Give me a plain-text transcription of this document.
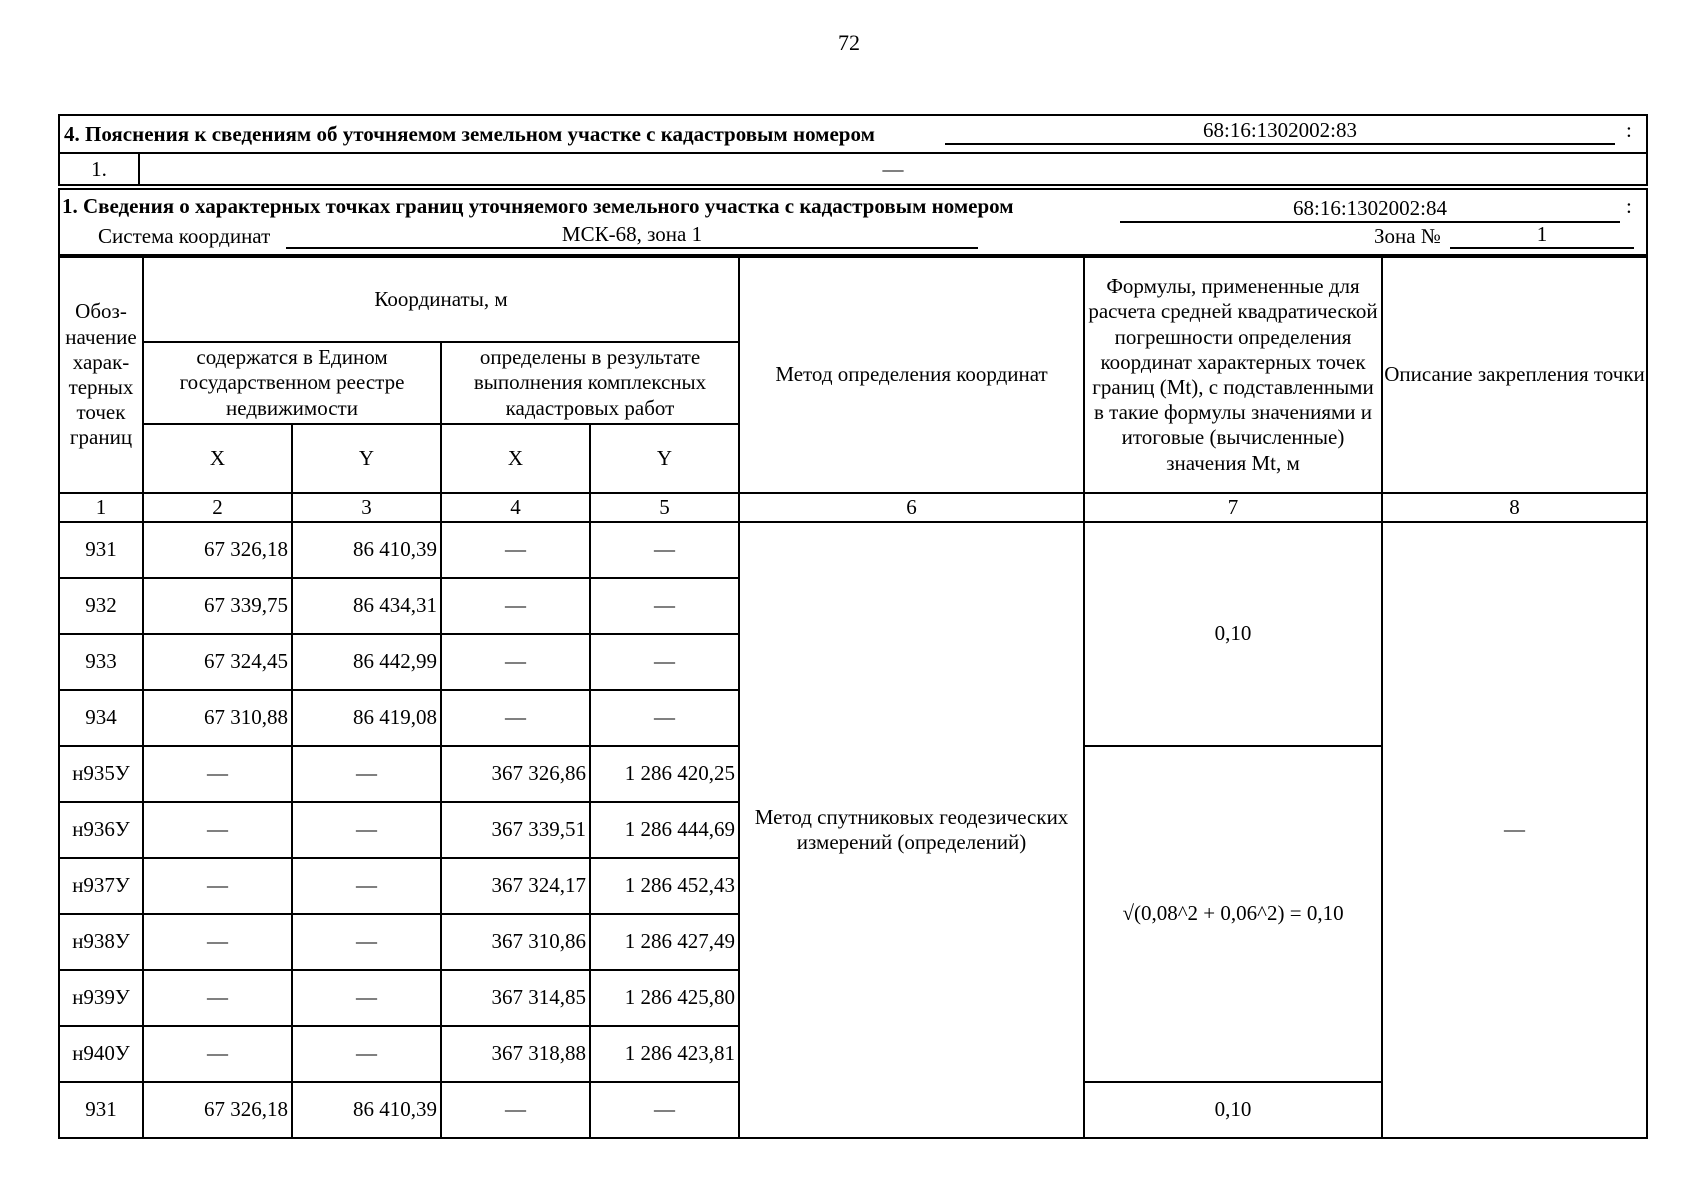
72
4. Пояснения к сведениям об уточняемом земельном участке с кадастровым номером	68:16:1302002:83	:

1.	—
1. Сведения о характерных точках границ уточняемого земельного участка с кадастровым номером	68:16:1302002:84	:
Система координат	МСК-68, зона 1	Зона №	1
Обоз-начение харак-терных точек границ	Координаты, м				Метод определения координат	Формулы, примененные для расчета средней квадратической погрешности определения координат характерных точек границ (Mt), с подставленными в такие формулы значениями и итоговые (вычисленные) значения Mt, м	Описание закрепления точки
	содержатся в Едином государственном реестре недвижимости		определены в результате выполнения комплексных кадастровых работ				
	X	Y	X	Y			
1	2	3	4	5	6	7	8
931	67 326,18	86 410,39	—	—	Метод спутниковых геодезических измерений (определений)	0,10	—
932	67 339,75	86 434,31	—	—			
933	67 324,45	86 442,99	—	—			
934	67 310,88	86 419,08	—	—			
н935У	—	—	367 326,86	1 286 420,25		√(0,08^2 + 0,06^2) = 0,10	
н936У	—	—	367 339,51	1 286 444,69			
н937У	—	—	367 324,17	1 286 452,43			
н938У	—	—	367 310,86	1 286 427,49			
н939У	—	—	367 314,85	1 286 425,80			
н940У	—	—	367 318,88	1 286 423,81			
931	67 326,18	86 410,39	—	—		0,10	
